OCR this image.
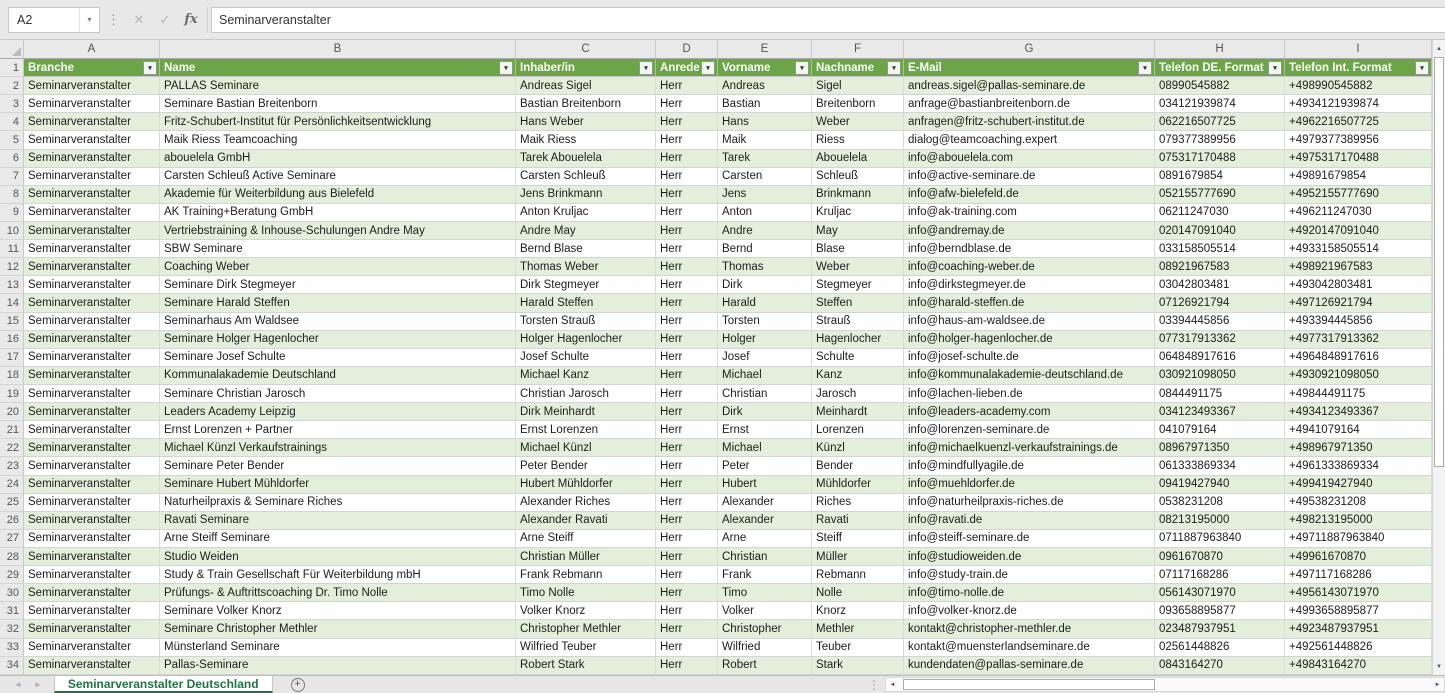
A2	▾	⋮	✕	✓	fx	Seminarveranstalter
A	B	C	D	E	F	G	H	I
1 Branche	▾	Name	▾	Inhaber/in	▾	Anrede ▾	Vorname	▾	Nachname	▾	E-Mail	▾	Telefon DE. Format	▾	Telefon Int. Format	▾
2 Seminarveranstalter	PALLAS Seminare	Andreas Sigel	Herr	Andreas	Sigel	andreas.sigel@pallas-seminare.de	08990545882	+498990545882
3 Seminarveranstalter	Seminare Bastian Breitenborn	Bastian Breitenborn	Herr	Bastian	Breitenborn	anfrage@bastianbreitenborn.de	034121939874	+4934121939874
4 Seminarveranstalter	Fritz-Schubert-Institut für Persönlichkeitsentwicklung	Hans Weber	Herr	Hans	Weber	anfragen@fritz-schubert-institut.de	062216507725	+4962216507725
5 Seminarveranstalter	Maik Riess Teamcoaching	Maik Riess	Herr	Maik	Riess	dialog@teamcoaching.expert	079377389956	+4979377389956
6 Seminarveranstalter	abouelela GmbH	Tarek Abouelela	Herr	Tarek	Abouelela	info@abouelela.com	075317170488	+4975317170488
7 Seminarveranstalter	Carsten Schleuß Active Seminare	Carsten Schleuß	Herr	Carsten	Schleuß	info@active-seminare.de	0891679854	+49891679854
8 Seminarveranstalter	Akademie für Weiterbildung aus Bielefeld	Jens Brinkmann	Herr	Jens	Brinkmann	info@afw-bielefeld.de	052155777690	+4952155777690
9 Seminarveranstalter	AK Training+Beratung GmbH	Anton Kruljac	Herr	Anton	Kruljac	info@ak-training.com	06211247030	+496211247030
10 Seminarveranstalter	Vertriebstraining & Inhouse-Schulungen Andre May	Andre May	Herr	Andre	May	info@andremay.de	020147091040	+4920147091040
11 Seminarveranstalter	SBW Seminare	Bernd Blase	Herr	Bernd	Blase	info@berndblase.de	033158505514	+4933158505514
12 Seminarveranstalter	Coaching Weber	Thomas Weber	Herr	Thomas	Weber	info@coaching-weber.de	08921967583	+498921967583
13 Seminarveranstalter	Seminare Dirk Stegmeyer	Dirk Stegmeyer	Herr	Dirk	Stegmeyer	info@dirkstegmeyer.de	03042803481	+493042803481
14 Seminarveranstalter	Seminare Harald Steffen	Harald Steffen	Herr	Harald	Steffen	info@harald-steffen.de	07126921794	+497126921794
15 Seminarveranstalter	Seminarhaus Am Waldsee	Torsten Strauß	Herr	Torsten	Strauß	info@haus-am-waldsee.de	03394445856	+493394445856
16 Seminarveranstalter	Seminare Holger Hagenlocher	Holger Hagenlocher	Herr	Holger	Hagenlocher	info@holger-hagenlocher.de	077317913362	+4977317913362
17 Seminarveranstalter	Seminare Josef Schulte	Josef Schulte	Herr	Josef	Schulte	info@josef-schulte.de	064848917616	+4964848917616
18 Seminarveranstalter	Kommunalakademie Deutschland	Michael Kanz	Herr	Michael	Kanz	info@kommunalakademie-deutschland.de	030921098050	+4930921098050
19 Seminarveranstalter	Seminare Christian Jarosch	Christian Jarosch	Herr	Christian	Jarosch	info@lachen-lieben.de	0844491175	+49844491175
20 Seminarveranstalter	Leaders Academy Leipzig	Dirk Meinhardt	Herr	Dirk	Meinhardt	info@leaders-academy.com	034123493367	+4934123493367
21 Seminarveranstalter	Ernst Lorenzen + Partner	Ernst Lorenzen	Herr	Ernst	Lorenzen	info@lorenzen-seminare.de	041079164	+4941079164
22 Seminarveranstalter	Michael Künzl Verkaufstrainings	Michael Künzl	Herr	Michael	Künzl	info@michaelkuenzl-verkaufstrainings.de	08967971350	+498967971350
23 Seminarveranstalter	Seminare Peter Bender	Peter Bender	Herr	Peter	Bender	info@mindfullyagile.de	061333869334	+4961333869334
24 Seminarveranstalter	Seminare Hubert Mühldorfer	Hubert Mühldorfer	Herr	Hubert	Mühldorfer	info@muehldorfer.de	09419427940	+499419427940
25 Seminarveranstalter	Naturheilpraxis & Seminare Riches	Alexander Riches	Herr	Alexander	Riches	info@naturheilpraxis-riches.de	0538231208	+49538231208
26 Seminarveranstalter	Ravati Seminare	Alexander Ravati	Herr	Alexander	Ravati	info@ravati.de	08213195000	+498213195000
27 Seminarveranstalter	Arne Steiff Seminare	Arne Steiff	Herr	Arne	Steiff	info@steiff-seminare.de	0711887963840	+49711887963840
28 Seminarveranstalter	Studio Weiden	Christian Müller	Herr	Christian	Müller	info@studioweiden.de	0961670870	+49961670870
29 Seminarveranstalter	Study & Train Gesellschaft Für Weiterbildung mbH	Frank Rebmann	Herr	Frank	Rebmann	info@study-train.de	07117168286	+497117168286
30 Seminarveranstalter	Prüfungs- & Auftrittscoaching Dr. Timo Nolle	Timo Nolle	Herr	Timo	Nolle	info@timo-nolle.de	056143071970	+4956143071970
31 Seminarveranstalter	Seminare Volker Knorz	Volker Knorz	Herr	Volker	Knorz	info@volker-knorz.de	093658895877	+4993658895877
32 Seminarveranstalter	Seminare Christopher Methler	Christopher Methler	Herr	Christopher	Methler	kontakt@christopher-methler.de	023487937951	+4923487937951
33 Seminarveranstalter	Münsterland Seminare	Wilfried Teuber	Herr	Wilfried	Teuber	kontakt@muensterlandseminare.de	02561448826	+492561448826
34 Seminarveranstalter	Pallas-Seminare	Robert Stark	Herr	Robert	Stark	kundendaten@pallas-seminare.de	0843164270	+49843164270
▲
▼
◄ ► Seminarveranstalter Deutschland	+	⋮	◄	►
